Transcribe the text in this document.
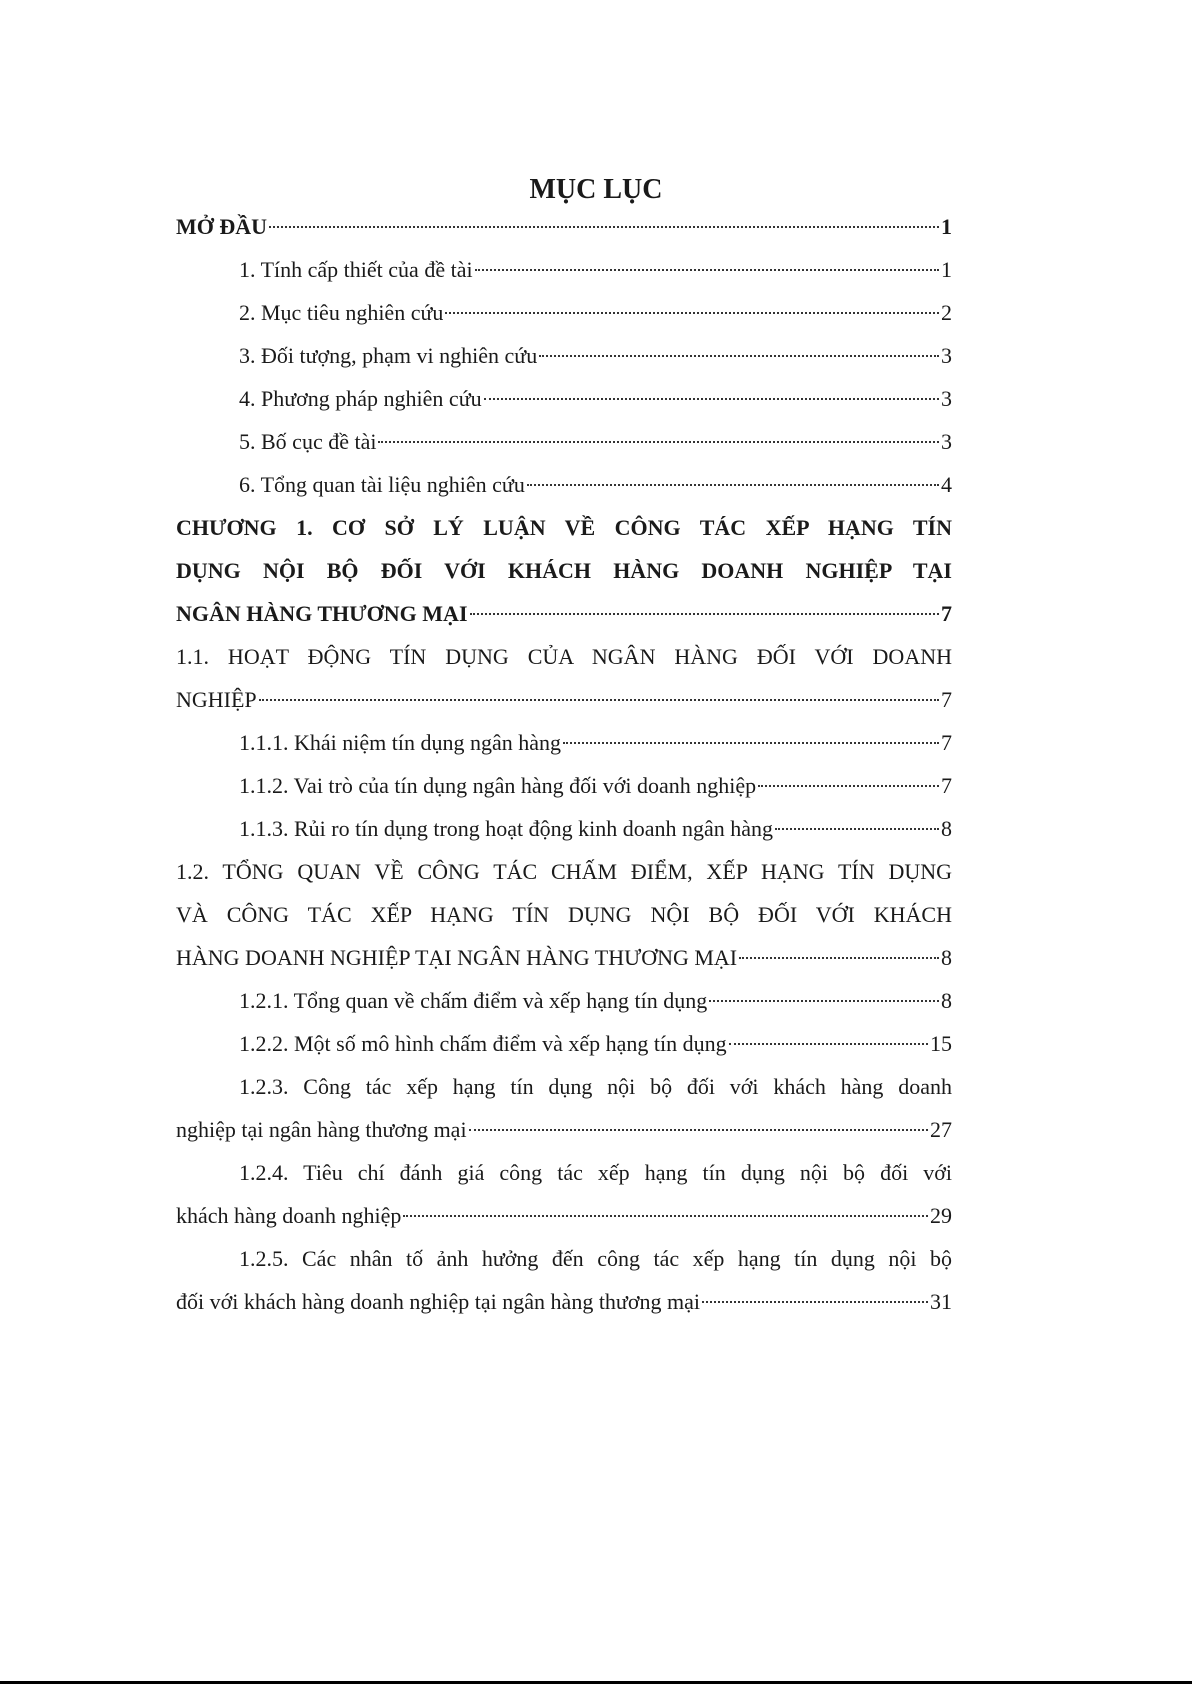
MỤC LỤC
MỞ ĐẦU	1
1. Tính cấp thiết của đề tài	1
2. Mục tiêu nghiên cứu	2
3. Đối tượng, phạm vi nghiên cứu	3
4. Phương pháp nghiên cứu	3
5. Bố cục đề tài	3
6. Tổng quan tài liệu nghiên cứu	4
CHƯƠNG 1. CƠ SỞ LÝ LUẬN VỀ CÔNG TÁC XẾP HẠNG TÍN
DỤNG NỘI BỘ ĐỐI VỚI KHÁCH HÀNG DOANH NGHIỆP TẠI
NGÂN HÀNG THƯƠNG MẠI	7
1.1. HOẠT ĐỘNG TÍN DỤNG CỦA NGÂN HÀNG ĐỐI VỚI DOANH
NGHIỆP	7
1.1.1. Khái niệm tín dụng ngân hàng	7
1.1.2. Vai trò của tín dụng ngân hàng đối với doanh nghiệp	7
1.1.3. Rủi ro tín dụng trong hoạt động kinh doanh ngân hàng	8
1.2. TỔNG QUAN VỀ CÔNG TÁC CHẤM ĐIỂM, XẾP HẠNG TÍN DỤNG
VÀ CÔNG TÁC XẾP HẠNG TÍN DỤNG NỘI BỘ ĐỐI VỚI KHÁCH
HÀNG DOANH NGHIỆP TẠI NGÂN HÀNG THƯƠNG MẠI	8
1.2.1. Tổng quan về chấm điểm và xếp hạng tín dụng	8
1.2.2. Một số mô hình chấm điểm và xếp hạng tín dụng	15
1.2.3. Công tác xếp hạng tín dụng nội bộ đối với khách hàng doanh
nghiệp tại ngân hàng thương mại	27
1.2.4. Tiêu chí đánh giá công tác xếp hạng tín dụng nội bộ đối với
khách hàng doanh nghiệp	29
1.2.5. Các nhân tố ảnh hưởng đến công tác xếp hạng tín dụng nội bộ
đối với khách hàng doanh nghiệp tại ngân hàng thương mại	31
